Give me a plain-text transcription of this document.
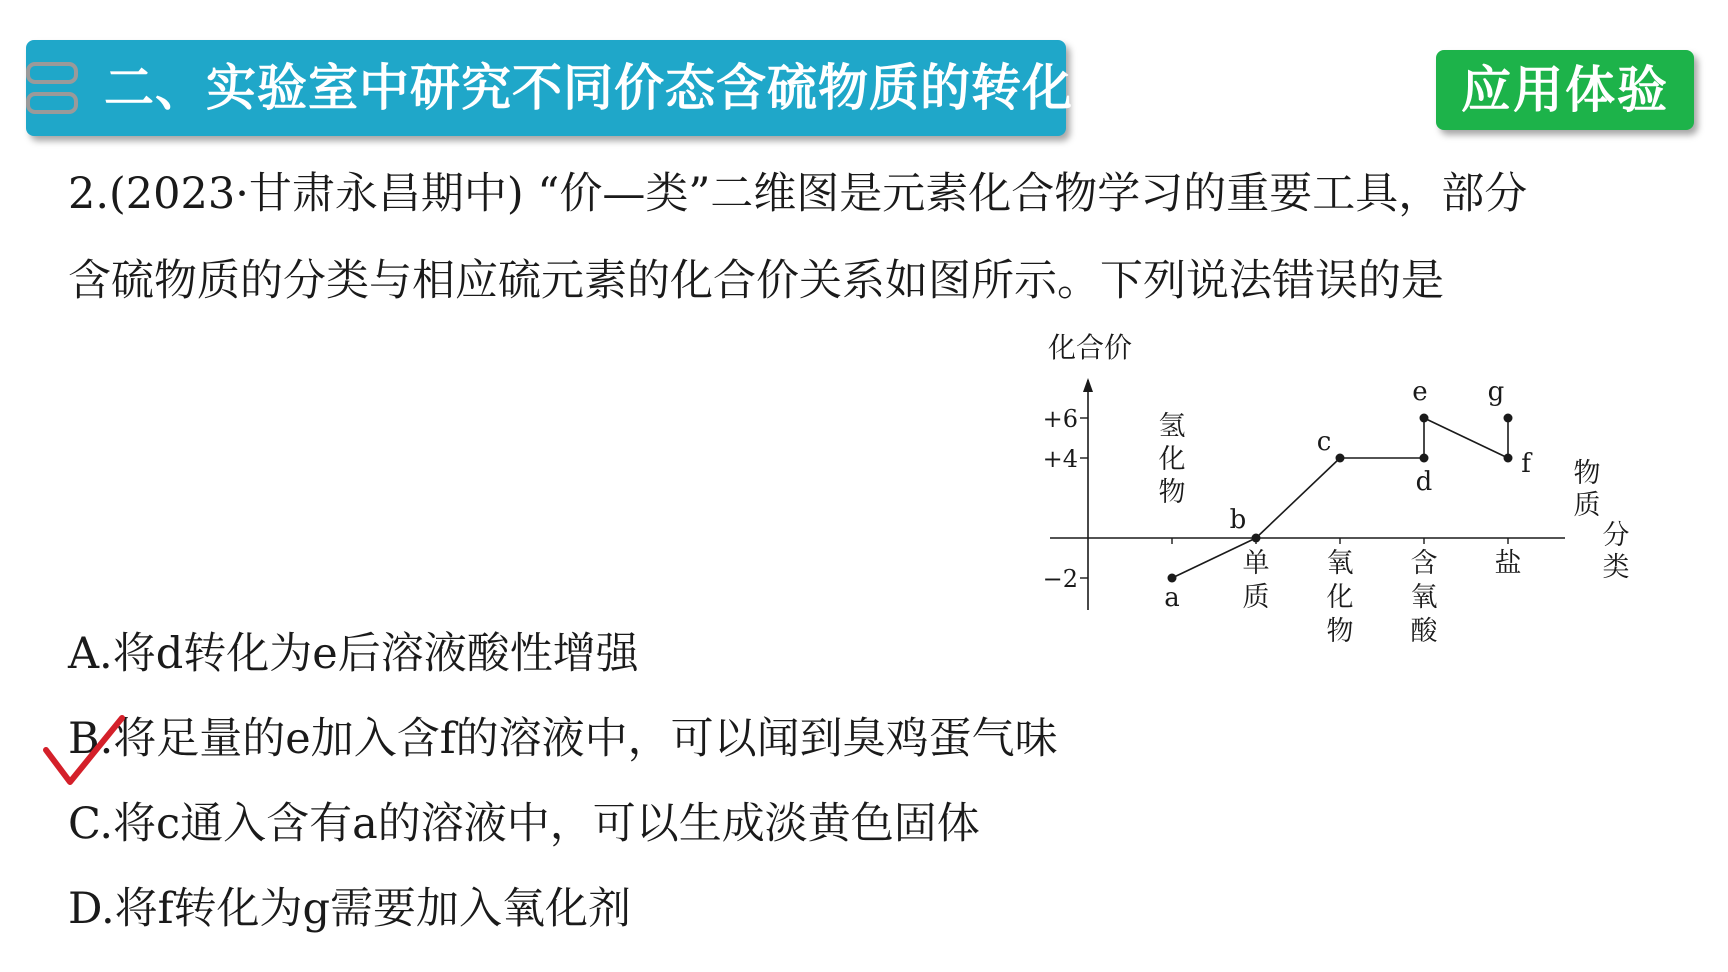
二、实验室中研究不同价态含硫物质的转化	应用体验
2.(2023·甘肃永昌期中) “价—类”二维图是元素化合物学习的重要工具，部分
含硫物质的分类与相应硫元素的化合价关系如图所示。下列说法错误的是
化合价
物
质
分
类
+6
+4
−2
氢
化
物
单
质
氧
化
物
含
氧
酸
盐
a
b
c
d
e
f
g
A.将d转化为e后溶液酸性增强
B.将足量的e加入含f的溶液中，可以闻到臭鸡蛋气味
C.将c通入含有a的溶液中，可以生成淡黄色固体
D.将f转化为g需要加入氧化剂
